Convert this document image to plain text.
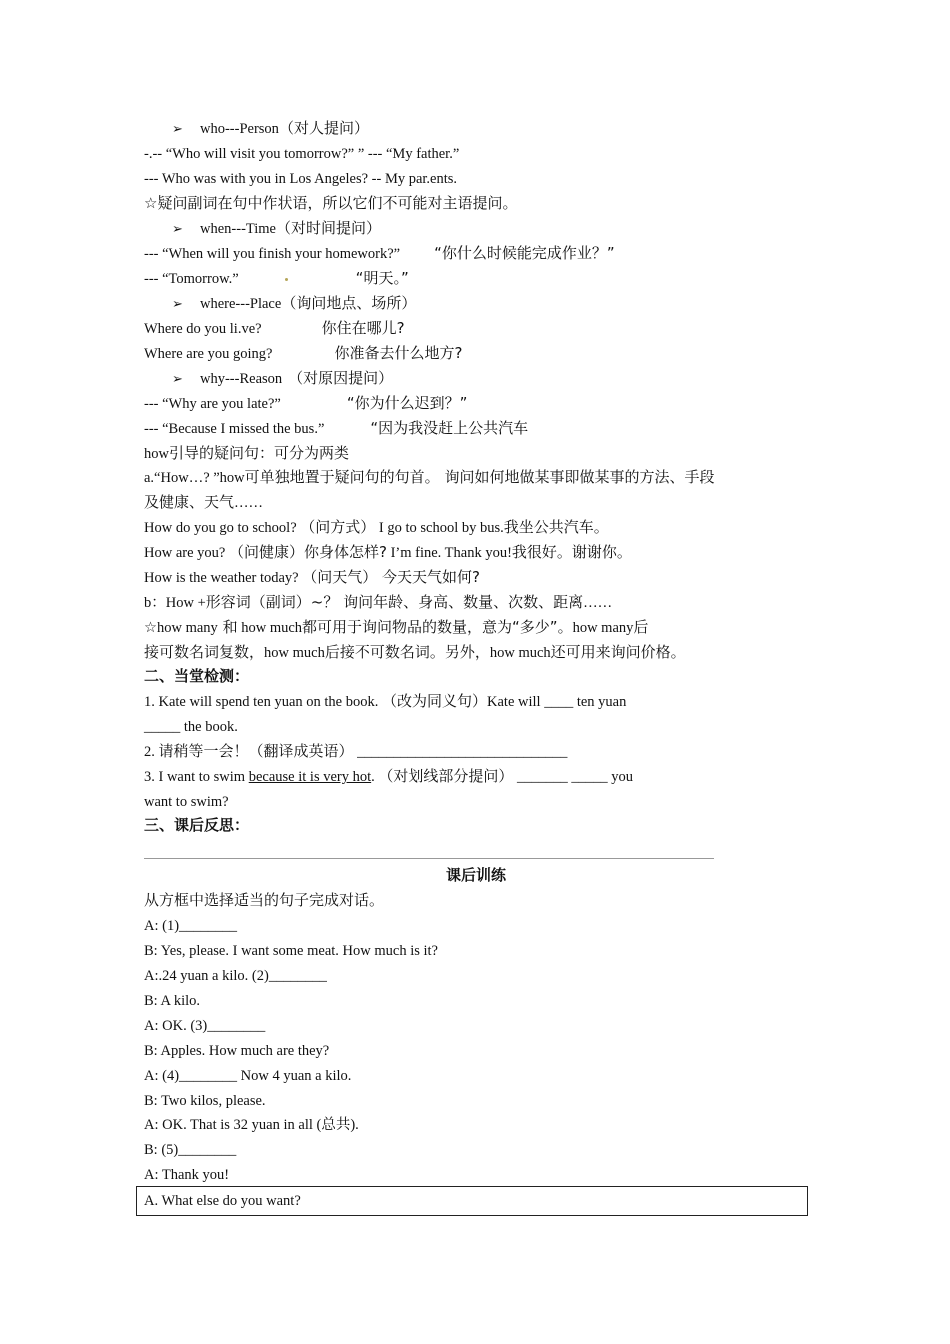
➢ who---Person（对人提问）
-.-- “Who will visit you tomorrow?” ” --- “My father.”
--- Who was with you in Los Angeles? -- My par.ents.
☆疑问副词在句中作状语，所以它们不可能对主语提问。
➢ when---Time（对时间提问）
--- “When will you finish your homework?” “你什么时候能完成作业？”
--- “Tomorrow.”	“明天。”
➢ where---Place（询问地点、场所）
Where do you li.ve?	你住在哪儿?
Where are you going?	你准备去什么地方?
➢ why---Reason （对原因提问）
--- “Why are you late?”	“你为什么迟到？”
--- “Because I missed the bus.”	“因为我没赶上公共汽车
how引导的疑问句：可分为两类
a.“How…? ”how可单独地置于疑问句的句首。 询问如何地做某事即做某事的方法、手段
及健康、天气……
How do you go to school? （问方式） I go to school by bus.我坐公共汽车。
How are you? （问健康）你身体怎样? I’m fine. Thank you!我很好。谢谢你。
How is the weather today? （问天气） 今天天气如何?
b：How +形容词（副词）~？ 询问年龄、身高、数量、次数、距离……
☆how many 和 how much都可用于询问物品的数量，意为“多少”。how many后
接可数名词复数，how much后接不可数名词。另外，how much还可用来询问价格。
二、当堂检测：
1. Kate will spend ten yuan on the book. （改为同义句）Kate will ____ ten yuan
_____ the book.
2. 请稍等一会！（翻译成英语） _____________________________
3. I want to swim because it is very hot. （对划线部分提问） _______ _____ you
want to swim?
三、课后反思：
课后训练
从方框中选择适当的句子完成对话。
A: (1)________
B: Yes, please. I want some meat. How much is it?
A:.24 yuan a kilo. (2)________
B: A kilo.
A: OK. (3)________
B: Apples. How much are they?
A: (4)________ Now 4 yuan a kilo.
B: Two kilos, please.
A: OK. That is 32 yuan in all (总共).
B: (5)________
A: Thank you!
A. What else do you want?
